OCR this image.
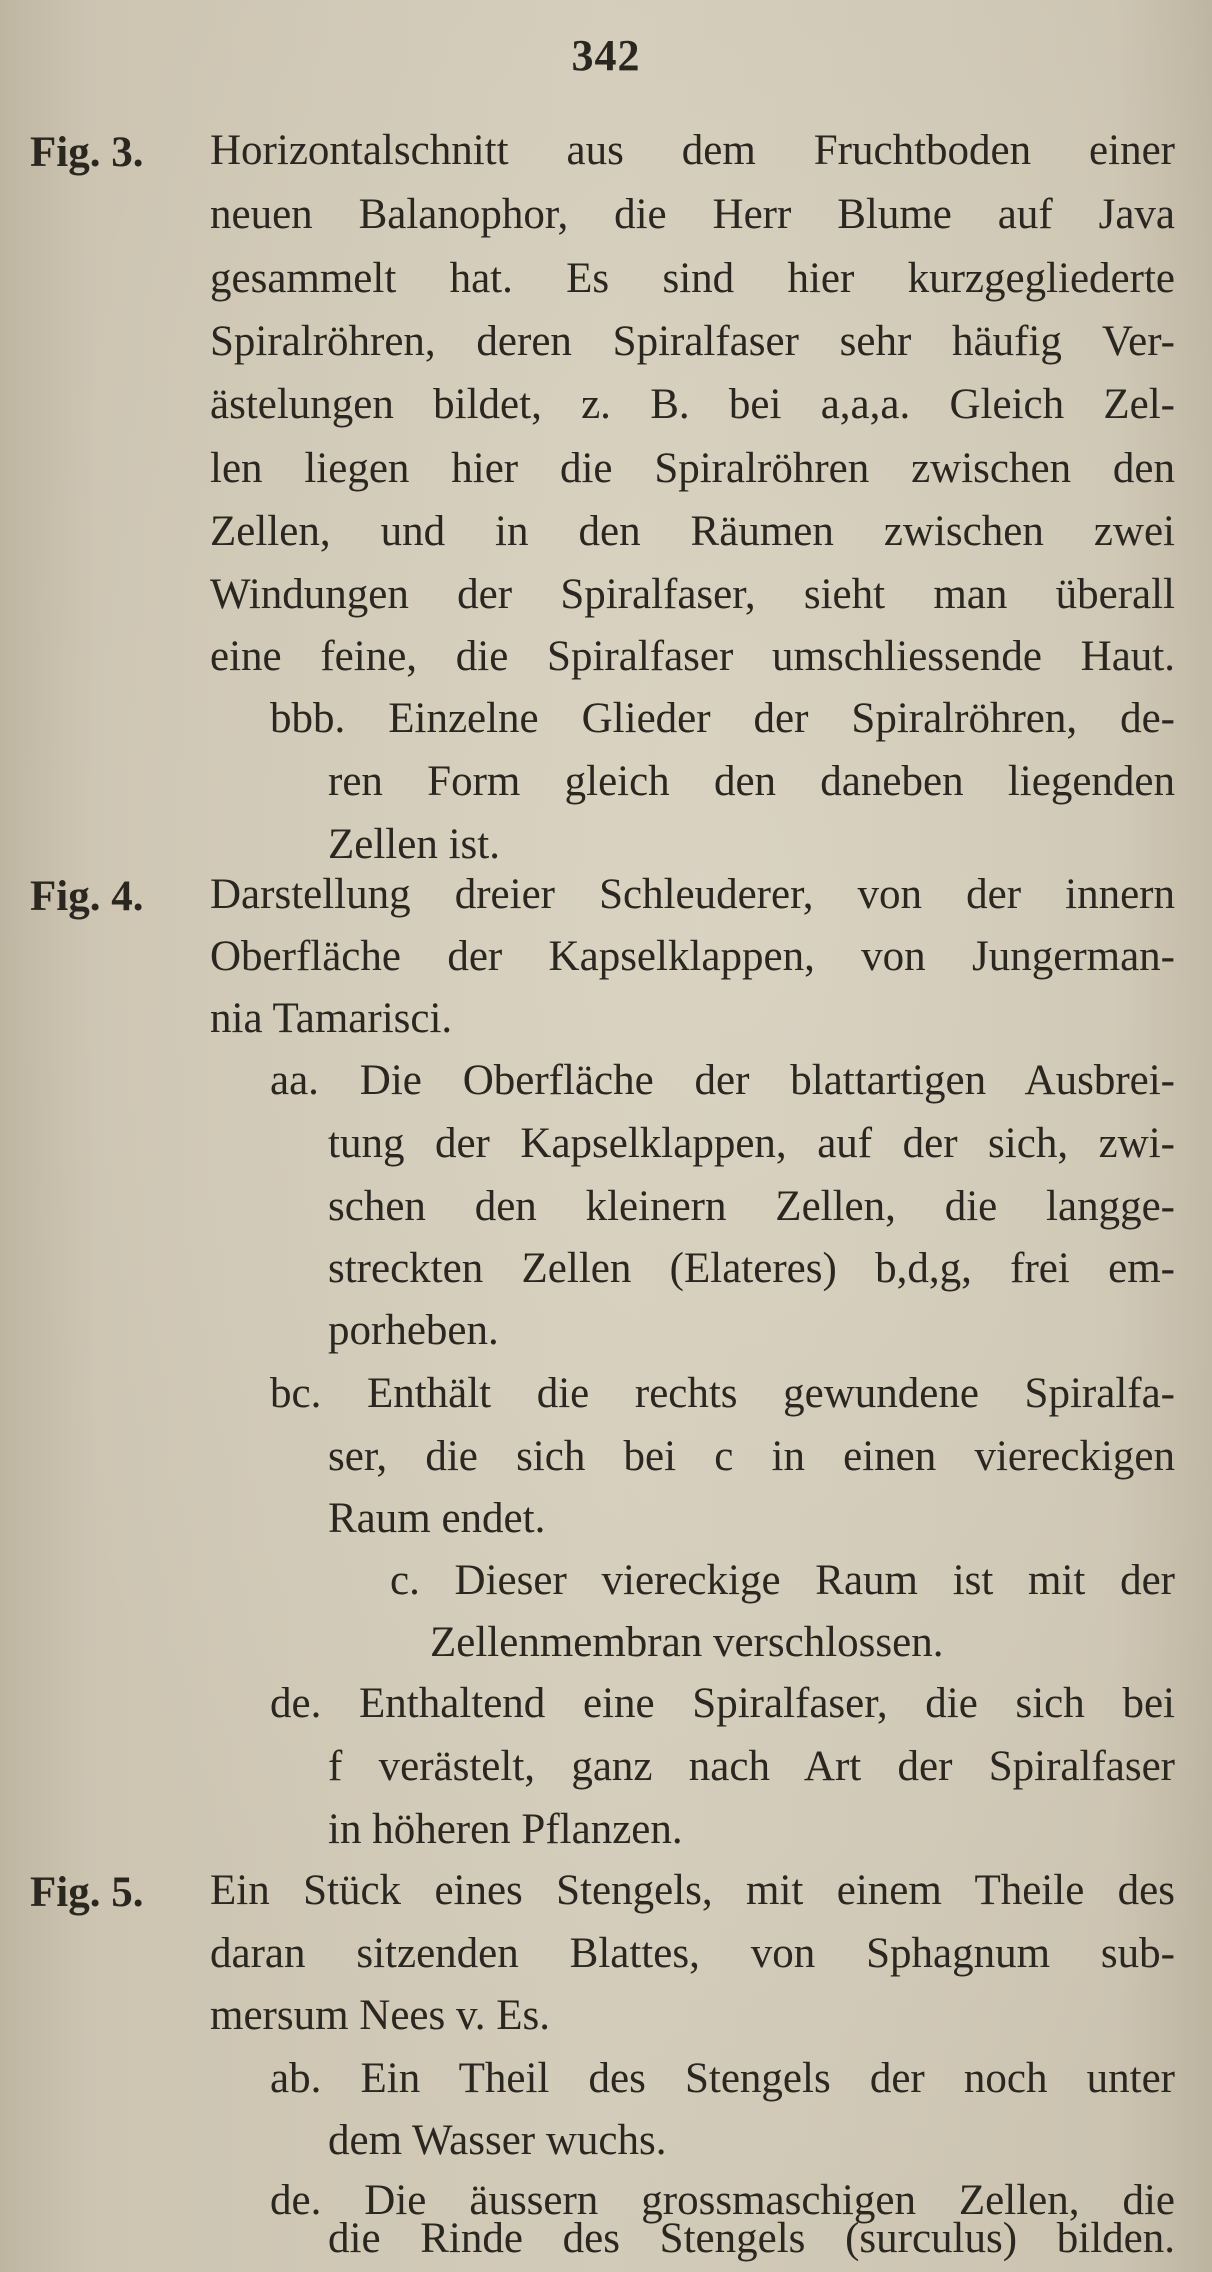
342
Fig. 3. Horizontalschnitt aus dem Fruchtboden einer
neuen Balanophor, die Herr Blume auf Java
gesammelt hat. Es sind hier kurzgegliederte
Spiralröhren, deren Spiralfaser sehr häufig Ver-
ästelungen bildet, z. B. bei a,a,a. Gleich Zel-
len liegen hier die Spiralröhren zwischen den
Zellen, und in den Räumen zwischen zwei
Windungen der Spiralfaser, sieht man überall
eine feine, die Spiralfaser umschliessende Haut.
bbb. Einzelne Glieder der Spiralröhren, de-
ren Form gleich den daneben liegenden
Zellen ist.
Fig. 4. Darstellung dreier Schleuderer, von der innern
Oberfläche der Kapselklappen, von Jungerman-
nia Tamarisci.
aa. Die Oberfläche der blattartigen Ausbrei-
tung der Kapselklappen, auf der sich, zwi-
schen den kleinern Zellen, die langge-
streckten Zellen (Elateres) b,d,g, frei em-
porheben.
bc. Enthält die rechts gewundene Spiralfa-
ser, die sich bei c in einen viereckigen
Raum endet.
c. Dieser viereckige Raum ist mit der
Zellenmembran verschlossen.
de. Enthaltend eine Spiralfaser, die sich bei
f verästelt, ganz nach Art der Spiralfaser
in höheren Pflanzen.
Fig. 5. Ein Stück eines Stengels, mit einem Theile des
daran sitzenden Blattes, von Sphagnum sub-
mersum Nees v. Es.
ab. Ein Theil des Stengels der noch unter
dem Wasser wuchs.
de. Die äussern grossmaschigen Zellen, die
die Rinde des Stengels (surculus) bilden.
